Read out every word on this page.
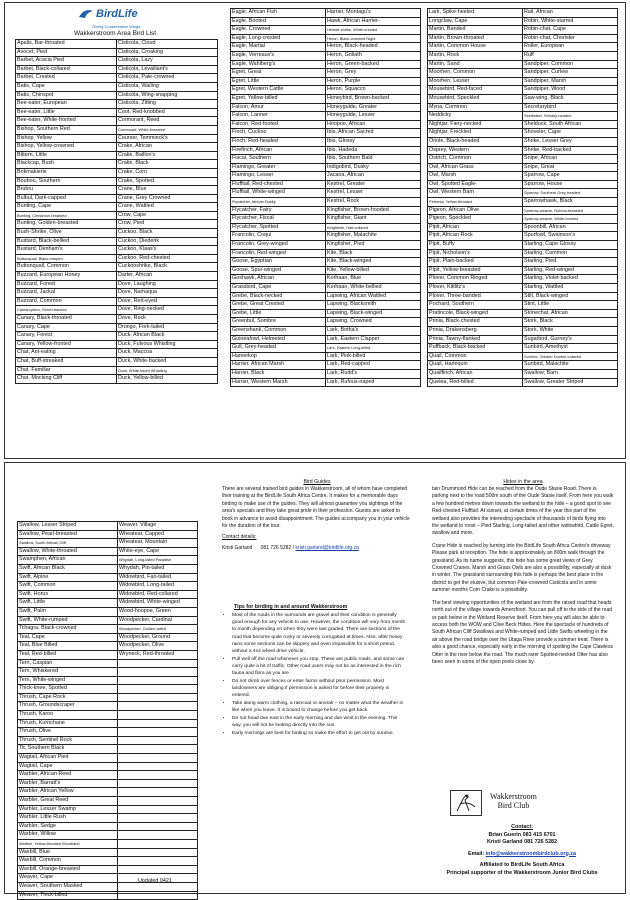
BirdLife
Giving Conservation Wings
Wakkerstroom Area Bird List
Apalis, Bar-throated	Cisticola, Cloud
Avocet, Pied	Cisticola, Croaking
Barbet, Acacia Pied	Cisticola, Lazy
Barbet, Black-collared	Cisticola, Levaillant's
Barbet, Crested	Cisticola, Pale-crowned
Batis, Cape	Cisticola, Wailing
Batis, Chinspot	Cisticola, Wing-snapping
Bee-eater, European	Cisticola, Zitting
Bee-eater, Little	Coot, Red-knobbed
Bee-eater, White-fronted	Cormorant, Reed
Bishop, Southern Red	Cormorant, White-breasted
Bishop, Yellow	Courser, Temminck's
Bishop, Yellow-crowned	Crake, African
Bittern, Little	Crake, Baillon's
Blackcap, Bush	Crake, Black
Bokmakierie	Crake, Corn
Boubou, Southern	Crake, Spotted
Brubru	Crane, Blue
Bulbul, Dark-capped	Crane, Grey Crowned
Bunting, Cape	Crane, Wattled
Bunting, Cinnamon-breasted	Crow, Cape
Bunting, Golden-breasted	Crow, Pied
Bush-Shrike, Olive	Cuckoo, Black
Bustard, Black-bellied	Cuckoo, Diederik
Bustard, Denham's	Cuckoo, Klaas's
Buttonquail, Black-rumped	Cuckoo, Red-chested
Buttonquail, Common	Cuckooshrike, Black
Buzzard, European Honey	Darter, African
Buzzard, Forest	Dove, Laughing
Buzzard, Jackal	Dove, Namaqua
Buzzard, Common	Dove, Red-eyed
Camaroptera, Green-backed	Dove, Ring-necked
Canary, Black-throated	Dove, Rock
Canary, Cape	Drongo, Fork-tailed
Canary, Forest	Duck, African Black
Canary, Yellow-fronted	Duck, Fulvous Whistling
Chat, Ant-eating	Duck, Maccoa
Chat, Buff-streaked	Duck, White-backed
Chat, Familiar	Duck, White-faced Whistling
Chat, Mocking Cliff	Duck, Yellow-billed
Eagle, African Fish	Harrier, Montagu's
Eagle, Booted	Hawk, African Harrier-
Eagle, Crowned	Helmet-shrike, White-crested
Eagle, Long-crested	Heron, Black-crowned Night
Eagle, Martial	Heron, Black-headed
Eagle, Verreaux's	Heron, Goliath
Eagle, Wahlberg's	Heron, Green-backed
Egret, Great	Heron, Grey
Egret, Little	Heron, Purple
Egret, Western Cattle	Heron, Squacco
Egret, Yellow-billed	Honeybird, Brown-backed
Falcon, Amur	Honeyguide, Greater
Falcon, Lanner	Honeyguide, Lesser
Falcon, Red-footed	Hoopoe, African
Finch, Cuckoo	Ibis, African Sacred
Finch, Red-headed	Ibis, Glossy
Firefinch, African	Ibis, Hadeda
Fiscal, Southern	Ibis, Southern Bald
Flamingo, Greater	Indigobird, Dusky
Flamingo, Lesser	Jacana, African
Flufftail, Red-chested	Kestrel, Greater
Flufftail, White-winged	Kestrel, Lesser
Flycatcher, African Dusky	Kestrel, Rock
Flycatcher, Fairy	Kingfisher, Brown-hooded
Flycatcher, Fiscal	Kingfisher, Giant
Flycatcher, Spotted	Kingfisher, Half-collared
Francolin, Coqui	Kingfisher, Malachite
Francolin, Grey-winged	Kingfisher, Pied
Francolin, Red-winged	Kite, Black
Goose, Egyptian	Kite, Black-winged
Goose, Spur-winged	Kite, Yellow-billed
Goshawk, African	Korhaan, Blue
Grassbird, Cape	Korhaan, White-bellied
Grebe, Black-necked	Lapwing, African Wattled
Grebe, Great Crested	Lapwing, Blacksmith
Grebe, Little	Lapwing, Black-winged
Greenbul, Sombre	Lapwing, Crowned
Greenshank, Common	Lark, Botha's
Guineafowl, Helmeted	Lark, Eastern Clapper
Gull, Grey-headed	Lark, Eastern Long-billed
Hamerkop	Lark, Pink-billed
Harrier, African Marsh	Lark, Red-capped
Harrier, Black	Lark, Rudd's
Harrier, Western Marsh	Lark, Rufous-naped
Lark, Spike-heeled	Rail, African
Longclaw, Cape	Robin, White-starred
Martin, Banded	Robin-chat, Cape
Martin, Brown-throated	Robin-chat, Chorister
Martin, Common House	Roller, European
Martin, Rock	Ruff
Martin, Sand	Sandpiper, Common
Moorhen, Common	Sandpiper, Curlew
Moorhen, Lesser	Sandpiper, Marsh
Mousebird, Red-faced	Sandpiper, Wood
Mousebird, Speckled	Saw-wing, Black
Myna, Common	Secretarybird
Neddicky	Seedeater, Streaky-headed
Nightjar, Fiery-necked	Shelduck, South African
Nightjar, Freckled	Shoveler, Cape
Oriole, Black-headed	Shrike, Lesser Grey
Osprey, Western	Shrike, Red-backed
Ostrich, Common	Snipe, African
Owl, African Grass	Snipe, Great
Owl, Marsh	Sparrow, Cape
Owl, Spotted Eagle-	Sparrow, House
Owl, Western Barn	Sparrow, Southern Grey-headed
Petronia, Yellow-throated	Sparrowhawk, Black
Pigeon, African Olive	Sparrow-weaver, Rufous-breasted
Pigeon, Speckled	Sparrow-weaver, White-browed
Pipit, African	Spoonbill, African
Pipit, African Rock	Spurfowl, Swainson's
Pipit, Buffy	Starling, Cape Glossy
Pipit, Nicholson's	Starling, Common
Pipit, Plain-backed	Starling, Pied
Pipit, Yellow-breasted	Starling, Red-winged
Plover, Common Ringed	Starling, Violet-backed
Plover, Kittlitz's	Starling, Wattled
Plover, Three-banded	Stilt, Black-winged
Pochard, Southern	Stint, Little
Pratincole, Black-winged	Stonechat, African
Prinia, Black-chested	Stork, Black
Prinia, Drakensberg	Stork, White
Prinia, Tawny-flanked	Sugarbird, Gurney's
Puffback, Black-backed	Sunbird, Amethyst
Quail, Common	Sunbird, Greater Double-collared
Quail, Harlequin	Sunbird, Malachite
Quailfinch, African	Swallow, Barn
Quelea, Red-billed	Swallow, Greater Striped
Swallow, Lesser Striped	Weaver, Village
Swallow, Pearl-breasted	Wheatear, Capped
Swallow, South African Cliff	Wheatear, Mountain
Swallow, White-throated	White-eye, Cape
Swamphen, African	Whydah, Long-tailed Paradise
Swift, African Black	Whydah, Pin-tailed
Swift, Alpine	Widowbird, Fan-tailed
Swift, Common	Widowbird, Long-tailed
Swift, Horus	Widowbird, Red-collared
Swift, Little	Widowbird, White-winged
Swift, Palm	Wood-hoopoe, Green
Swift, White-rumped	Woodpecker, Cardinal
Tchagra, Black-crowned	Woodpecker, Golden-tailed
Teal, Cape	Woodpecker, Ground
Teal, Blue Billed	Woodpecker, Olive
Teal, Red-billed	Wryneck, Red-throated
Tern, Caspian	
Tern, Whiskered	
Tern, White-winged	
Thick-knee, Spotted	
Thrush, Cape Rock	
Thrush, Groundscraper	
Thrush, Karoo	
Thrush, Kurrichane	
Thrush, Olive	
Thrush, Sentinel Rock	
Tit, Southern Black	
Wagtail, African Pied	
Wagtail, Cape	
Warbler, African Reed	
Warbler, Barratt's	
Warbler, African Yellow	
Warbler, Great Reed	
Warbler, Lesser Swamp	
Warbler, Little Rush	
Warbler, Sedge	
Warbler, Willow	
Warbler, Yellow-throated Woodland	
Waxbill, Blue	
Waxbill, Common	
Waxbill, Orange-breasted	
Weaver, Cape	
Weaver, Southern Masked	
Weaver, Thick-billed	
Updated 0421
Bird Guides
There are several trained bird guides in Wakkerstroom, all of whom have completed their training at the BirdLife South Africa Centre. It makes for a memorable days birding to make use of the guides. They will almost guarantee you sightings of the area's specials and they take great pride in their profession. Guests are asked to book in advance to avoid disappointment. The guides accompany you in your vehicle for the duration of the tour.
Contact details:
Kristi Garland 081 726 5282 / kristi.garland@birdlife.org.za
Tips for birding in and around Wakkerstroom
• Most of the roads in the surrounds are gravel and their condition is generally good enough for any vehicle to use. However, the condition will vary from month to month depending on when they were last graded. There are sections of the road that become quite rocky or severely corrugated at times. Also, after heavy rains some sections can be slippery and even impassible for a short period, without a 4x4 wheel drive vehicle.
• Pull well off the road whenever you stop. These are public roads, and some can carry quite a bit of traffic. Other road users may not be as interested in the rich fauna and flora as you are.
• Do not climb over fences or enter farms without prior permission. Most landowners are obliging if permission is asked for before their property is entered.
• Take along warm clothing, a raincoat or anorak – no matter what the weather is like when you leave. It is bound to change before you get back.
• Do not head due east in the early morning and due west in the evening. This way, you will not be looking directly into the sun.
• Early mornings are best for birding so make the effort to get out by sunrise.
Hides in the area
tain Drummond Hide can be reached from the Oude Stasie Road. There is parking next to the road 500m south of the Oude Stasie itself. From here you walk a few hundred metres down towards the wetland to the hide – a good spot to see Red-chested Flufftail. At sunset, at certain times of the year this part of the wetland also provides the interesting spectacle of thousands of birds flying into the wetland to roost – Pied Starling, Long-tailed and other widowbird, Cattle Egret, swallow and more.
Crane Hide is reached by turning into the BirdLife South Africa Centre's driveway. Please park at reception. The hide is approximately an 800m walk through the grassland. As its name suggests, this hide has some great views of Grey Crowned Cranes. Marsh and Grass Owls are also a possibility, especially at dusk in winter. The grassland surrounding this hide is perhaps the best place in the district to get the elusive, but common Pale-crowned Cisticola and in some summer months Corn Crake is a possibility.
The best viewing opportunities of the wetland are from the raised road that heads north out of the village towards Amersfoort. You can pull off to the side of the road or park below in the Wetland Reserve itself. From here you will also be able to access both the WOW and Clive Beck Hides. Here the spectacle of hundreds of South African Cliff Swallows and White-rumped and Little Swifts wheeling in the air above the road bridge over the Utaga River provide a summer treat. There is also a good chance, especially early in the morning of spotting the Cape Clawless Otter in the river below the road. The much rarer Spotted-necked Otter has also been seen in some of the open pools close by.
Wakkerstroom
Bird Club
Contact:
Brian Guerin 083 415 6701
Kristi Garland 081 726 5282
Email: info@wakkerstroombirdclub.org.za
Affiliated to BirdLife South Africa
Principal supporter of the Wakkerstroom Junior Bird Clubs
